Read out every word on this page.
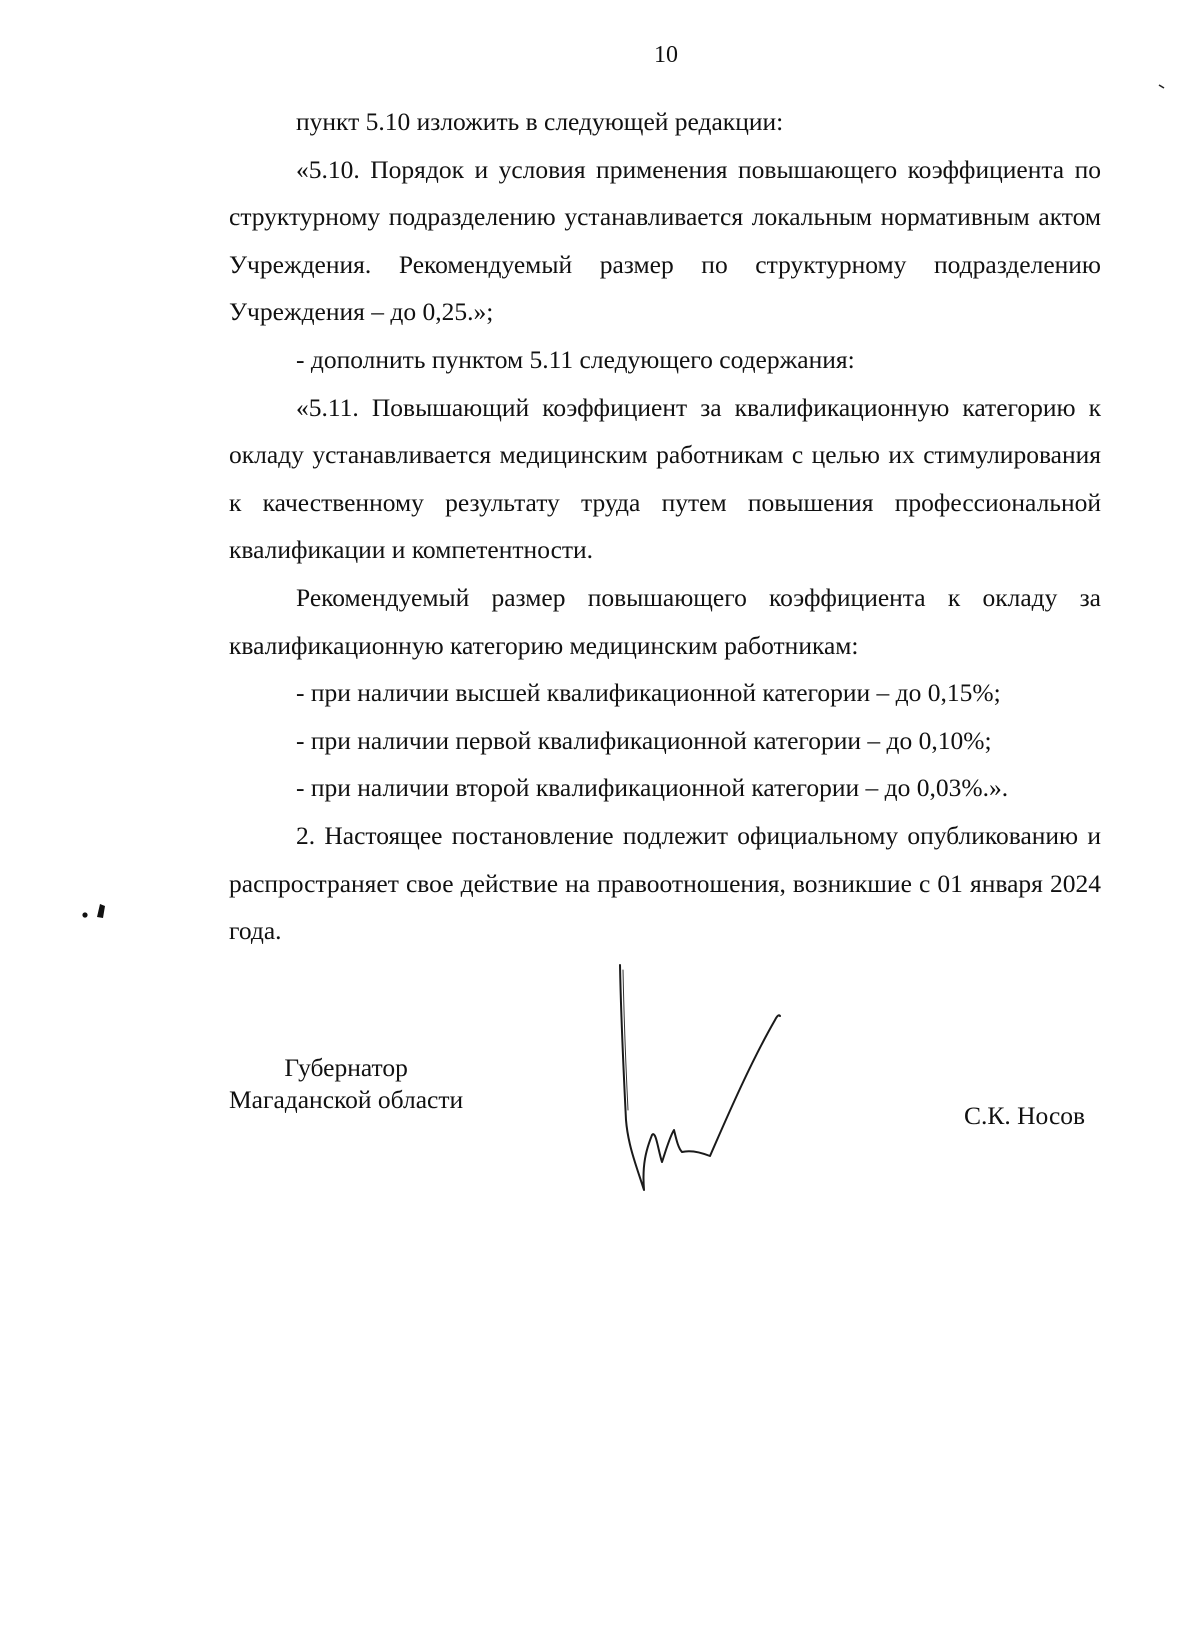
10

пункт 5.10 изложить в следующей редакции:

«5.10. Порядок и условия применения повышающего коэффициента по структурному подразделению устанавливается локальным нормативным актом Учреждения. Рекомендуемый размер по структурному подразделению Учреждения – до 0,25.»;

- дополнить пунктом 5.11 следующего содержания:

«5.11. Повышающий коэффициент за квалификационную категорию к окладу устанавливается медицинским работникам с целью их стимулирования к качественному результату труда путем повышения профессиональной квалификации и компетентности.

Рекомендуемый размер повышающего коэффициента к окладу за квалификационную категорию медицинским работникам:

- при наличии высшей квалификационной категории – до 0,15%;

- при наличии первой квалификационной категории – до 0,10%;

- при наличии второй квалификационной категории – до 0,03%.».

2. Настоящее постановление подлежит официальному опубликованию и распространяет свое действие на правоотношения, возникшие с 01 января 2024 года.

Губернатор
Магаданской области
С.К. Носов
